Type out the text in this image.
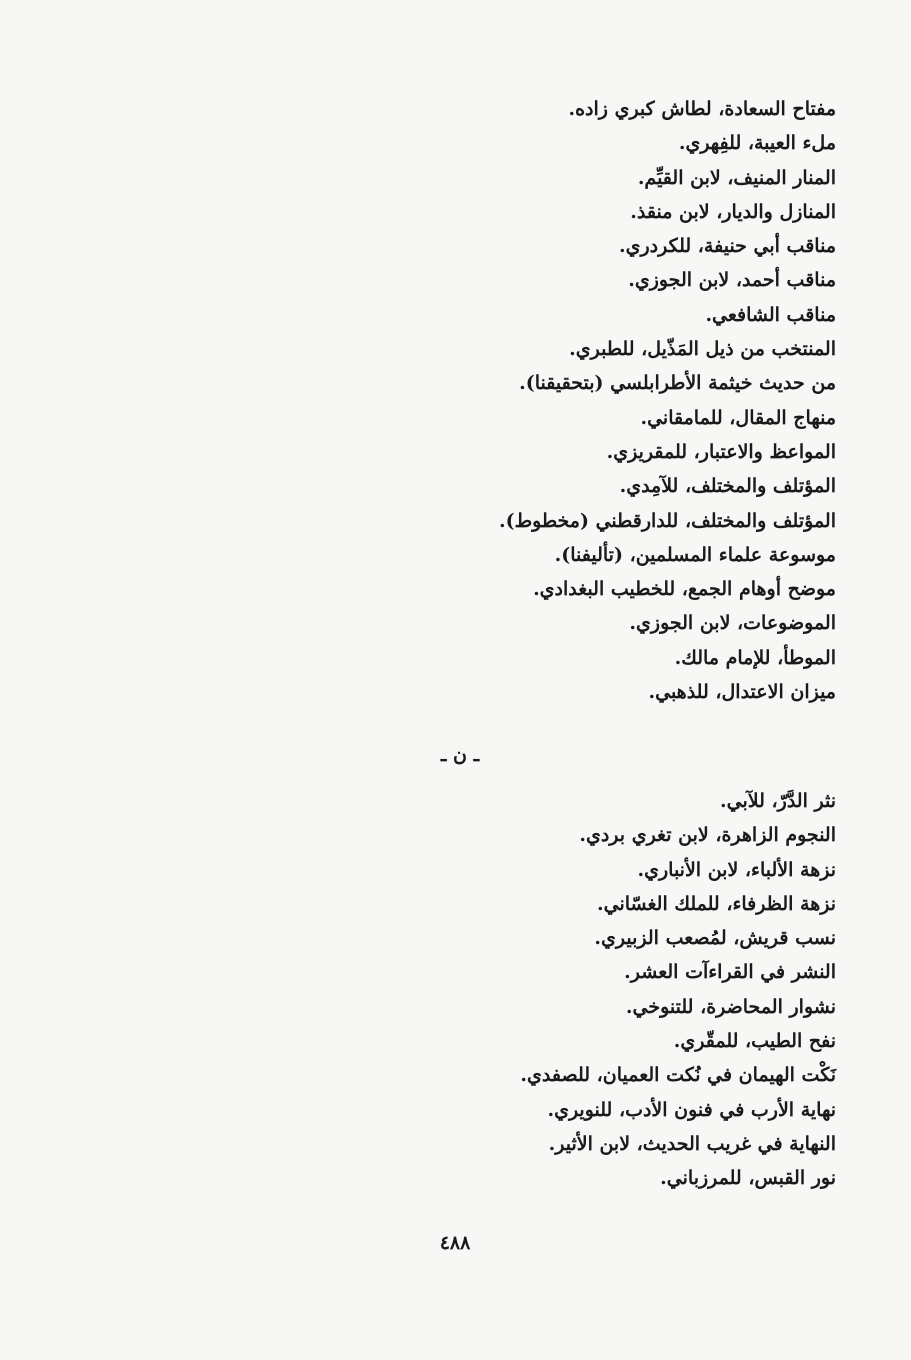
مفتاح السعادة، لطاش كبري زاده.
ملء العيبة، للفِهري.
المنار المنيف، لابن القيِّم.
المنازل والديار، لابن منقذ.
مناقب أبي حنيفة، للكردري.
مناقب أحمد، لابن الجوزي.
مناقب الشافعي.
المنتخب من ذيل المَذّيل، للطبري.
من حديث خيثمة الأطرابلسي (بتحقيقنا).
منهاج المقال، للمامقاني.
المواعظ والاعتبار، للمقريزي.
المؤتلف والمختلف، للآمِدي.
المؤتلف والمختلف، للدارقطني (مخطوط).
موسوعة علماء المسلمين، (تأليفنا).
موضح أوهام الجمع، للخطيب البغدادي.
الموضوعات، لابن الجوزي.
الموطأ، للإمام مالك.
ميزان الاعتدال، للذهبي.
ـ ن ـ
نثر الدَّرّ، للآبي.
النجوم الزاهرة، لابن تغري بردي.
نزهة الألباء، لابن الأنباري.
نزهة الظرفاء، للملك الغسّاني.
نسب قريش، لمُصعب الزبيري.
النشر في القراءآت العشر.
نشوار المحاضرة، للتنوخي.
نفح الطيب، للمقّري.
نَكْت الهيمان في نُكت العميان، للصفدي.
نهاية الأرب في فنون الأدب، للنويري.
النهاية في غريب الحديث، لابن الأثير.
نور القبس، للمرزباني.
٤٨٨
